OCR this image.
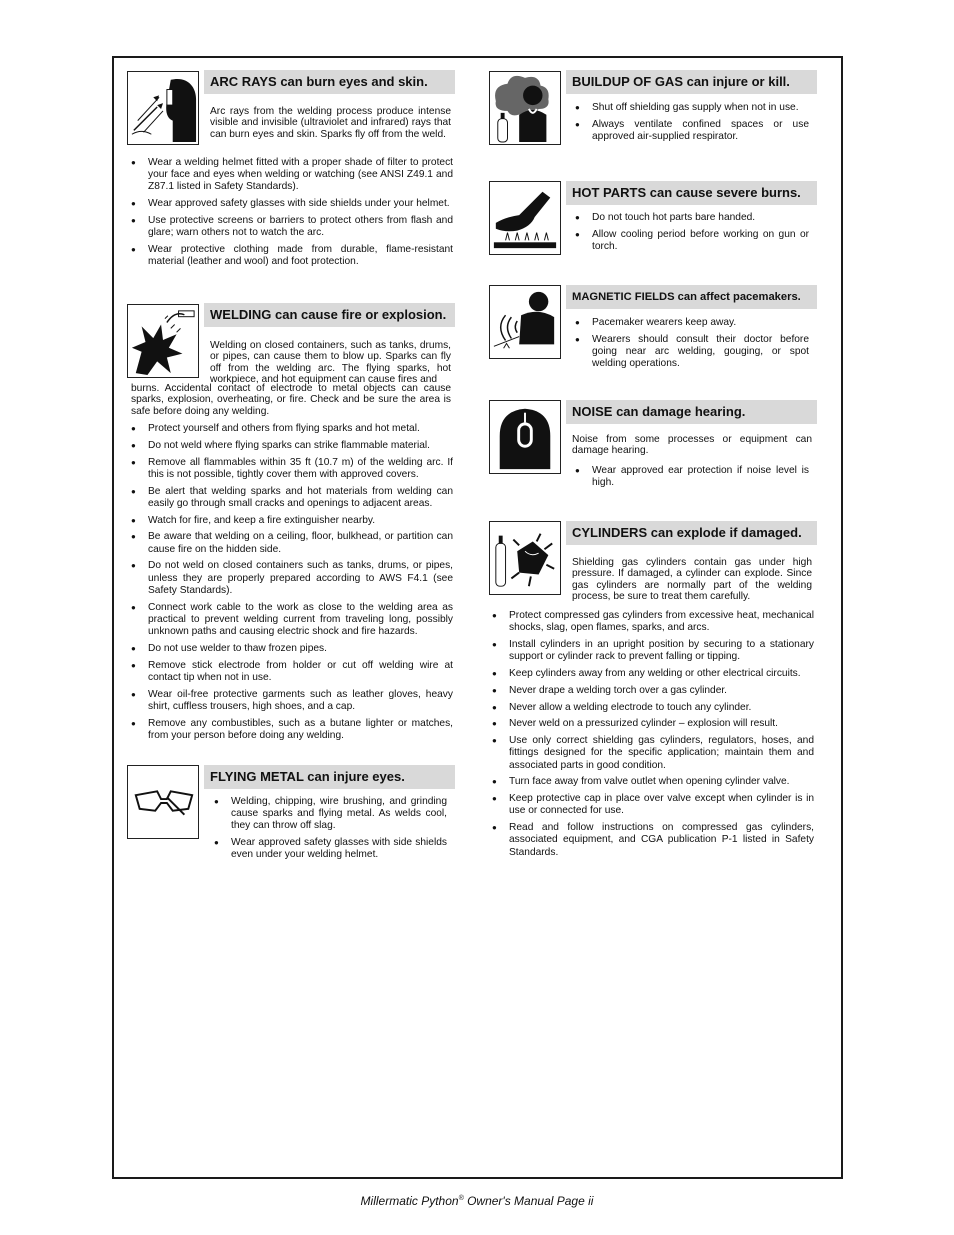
ARC RAYS can burn eyes and skin.
Arc rays from the welding process produce intense visible and invisible (ultraviolet and infrared) rays that can burn eyes and skin. Sparks fly off from the weld.
● Wear a welding helmet fitted with a proper shade of filter to protect your face and eyes when welding or watching (see ANSI Z49.1 and Z87.1 listed in Safety Standards).
● Wear approved safety glasses with side shields under your helmet.
● Use protective screens or barriers to protect others from flash and glare; warn others not to watch the arc.
● Wear protective clothing made from durable, flame-resistant material (leather and wool) and foot protection.
WELDING can cause fire or explosion.
Welding on closed containers, such as tanks, drums, or pipes, can cause them to blow up. Sparks can fly off from the welding arc. The flying sparks, hot workpiece, and hot equipment can cause fires and
burns. Accidental contact of electrode to metal objects can cause sparks, explosion, overheating, or fire. Check and be sure the area is safe before doing any welding.
● Protect yourself and others from flying sparks and hot metal.
● Do not weld where flying sparks can strike flammable material.
● Remove all flammables within 35 ft (10.7 m) of the welding arc. If this is not possible, tightly cover them with approved covers.
● Be alert that welding sparks and hot materials from welding can easily go through small cracks and openings to adjacent areas.
● Watch for fire, and keep a fire extinguisher nearby.
● Be aware that welding on a ceiling, floor, bulkhead, or partition can cause fire on the hidden side.
● Do not weld on closed containers such as tanks, drums, or pipes, unless they are properly prepared according to AWS F4.1 (see Safety Standards).
● Connect work cable to the work as close to the welding area as practical to prevent welding current from traveling long, possibly unknown paths and causing electric shock and fire hazards.
● Do not use welder to thaw frozen pipes.
● Remove stick electrode from holder or cut off welding wire at contact tip when not in use.
● Wear oil-free protective garments such as leather gloves, heavy shirt, cuffless trousers, high shoes, and a cap.
● Remove any combustibles, such as a butane lighter or matches, from your person before doing any welding.
FLYING METAL can injure eyes.
● Welding, chipping, wire brushing, and grinding cause sparks and flying metal. As welds cool, they can throw off slag.
● Wear approved safety glasses with side shields even under your welding helmet.
BUILDUP OF GAS can injure or kill.
● Shut off shielding gas supply when not in use.
● Always ventilate confined spaces or use approved air-supplied respirator.
HOT PARTS can cause severe burns.
● Do not touch hot parts bare handed.
● Allow cooling period before working on gun or torch.
MAGNETIC FIELDS can affect pacemakers.
● Pacemaker wearers keep away.
● Wearers should consult their doctor before going near arc welding, gouging, or spot welding operations.
NOISE can damage hearing.
Noise from some processes or equipment can damage hearing.
● Wear approved ear protection if noise level is high.
CYLINDERS can explode if damaged.
Shielding gas cylinders contain gas under high pressure. If damaged, a cylinder can explode. Since gas cylinders are normally part of the welding process, be sure to treat them carefully.
● Protect compressed gas cylinders from excessive heat, mechanical shocks, slag, open flames, sparks, and arcs.
● Install cylinders in an upright position by securing to a stationary support or cylinder rack to prevent falling or tipping.
● Keep cylinders away from any welding or other electrical circuits.
● Never drape a welding torch over a gas cylinder.
● Never allow a welding electrode to touch any cylinder.
● Never weld on a pressurized cylinder – explosion will result.
● Use only correct shielding gas cylinders, regulators, hoses, and fittings designed for the specific application; maintain them and associated parts in good condition.
● Turn face away from valve outlet when opening cylinder valve.
● Keep protective cap in place over valve except when cylinder is in use or connected for use.
● Read and follow instructions on compressed gas cylinders, associated equipment, and CGA publication P-1 listed in Safety Standards.
Millermatic Python® Owner's Manual Page ii
